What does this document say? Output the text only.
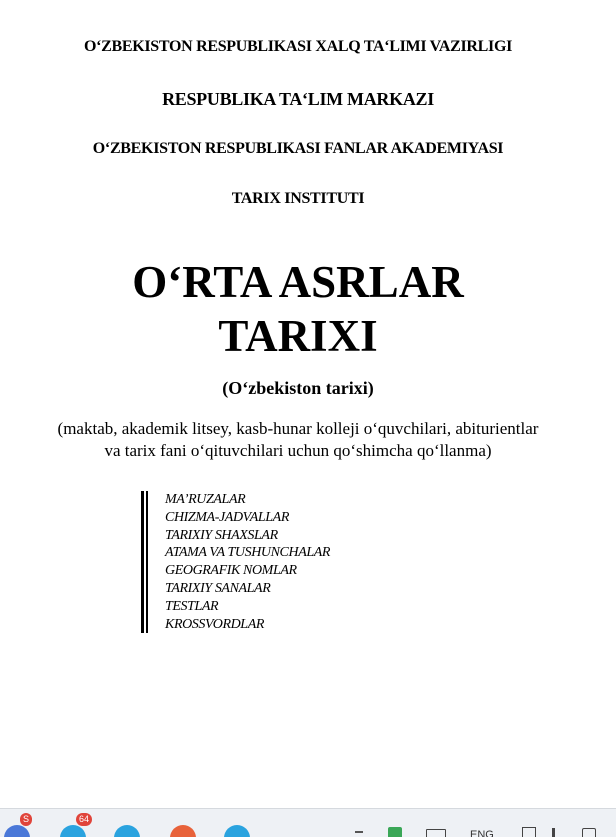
O‘ZBEKISTON RESPUBLIKASI XALQ TA‘LIMI VAZIRLIGI
RESPUBLIKA TA‘LIM MARKAZI
O‘ZBEKISTON RESPUBLIKASI FANLAR AKADEMIYASI
TARIX INSTITUTI
O‘RTA ASRLAR
TARIXI
(O‘zbekiston tarixi)
(maktab, akademik litsey, kasb-hunar kolleji o‘quvchilari, abiturientlar
va tarix fani o‘qituvchilari uchun qo‘shimcha qo‘llanma)
MA’RUZALAR
CHIZMA-JADVALLAR
TARIXIY SHAXSLAR
ATAMA VA TUSHUNCHALAR
GEOGRAFIK NOMLAR
TARIXIY SANALAR
TESTLAR
KROSSVORDLAR
S	64
ENG
